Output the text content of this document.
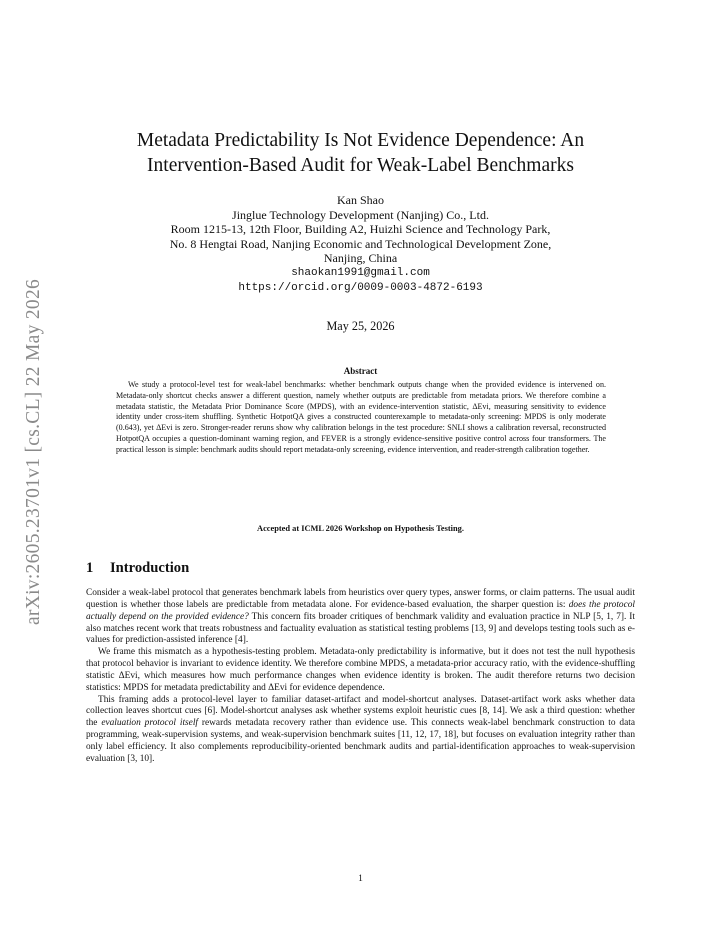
arXiv:2605.23701v1 [cs.CL] 22 May 2026
Metadata Predictability Is Not Evidence Dependence: An
Intervention-Based Audit for Weak-Label Benchmarks
Kan Shao
Jinglue Technology Development (Nanjing) Co., Ltd.
Room 1215-13, 12th Floor, Building A2, Huizhi Science and Technology Park,
No. 8 Hengtai Road, Nanjing Economic and Technological Development Zone,
Nanjing, China
shaokan1991@gmail.com
https://orcid.org/0009-0003-4872-6193
May 25, 2026
Abstract
We study a protocol-level test for weak-label benchmarks: whether benchmark outputs change when the provided evidence is intervened on. Metadata-only shortcut checks answer a different question, namely whether outputs are predictable from metadata priors. We therefore combine a metadata statistic, the Metadata Prior Dominance Score (MPDS), with an evidence-intervention statistic, ΔEvi, measuring sensitivity to evidence identity under cross-item shuffling. Synthetic HotpotQA gives a constructed counterexample to metadata-only screening: MPDS is only moderate (0.643), yet ΔEvi is zero. Stronger-reader reruns show why calibration belongs in the test procedure: SNLI shows a calibration reversal, reconstructed HotpotQA occupies a question-dominant warning region, and FEVER is a strongly evidence-sensitive positive control across four transformers. The practical lesson is simple: benchmark audits should report metadata-only screening, evidence intervention, and reader-strength calibration together.
Accepted at ICML 2026 Workshop on Hypothesis Testing.
1 Introduction

Consider a weak-label protocol that generates benchmark labels from heuristics over query types, answer forms, or claim patterns. The usual audit question is whether those labels are predictable from metadata alone. For evidence-based evaluation, the sharper question is: does the protocol actually depend on the provided evidence? This concern fits broader critiques of benchmark validity and evaluation practice in NLP [5, 1, 7]. It also matches recent work that treats robustness and factuality evaluation as statistical testing problems [13, 9] and develops testing tools such as e-values for prediction-assisted inference [4].

We frame this mismatch as a hypothesis-testing problem. Metadata-only predictability is informative, but it does not test the null hypothesis that protocol behavior is invariant to evidence identity. We therefore combine MPDS, a metadata-prior accuracy ratio, with the evidence-shuffling statistic ΔEvi, which measures how much performance changes when evidence identity is broken. The audit therefore returns two decision statistics: MPDS for metadata predictability and ΔEvi for evidence dependence.

This framing adds a protocol-level layer to familiar dataset-artifact and model-shortcut analyses. Dataset-artifact work asks whether data collection leaves shortcut cues [6]. Model-shortcut analyses ask whether systems exploit heuristic cues [8, 14]. We ask a third question: whether the evaluation protocol itself rewards metadata recovery rather than evidence use. This connects weak-label benchmark construction to data programming, weak-supervision systems, and weak-supervision benchmark suites [11, 12, 17, 18], but focuses on evaluation integrity rather than only label efficiency. It also complements reproducibility-oriented benchmark audits and partial-identification approaches to weak-supervision evaluation [3, 10].

1
